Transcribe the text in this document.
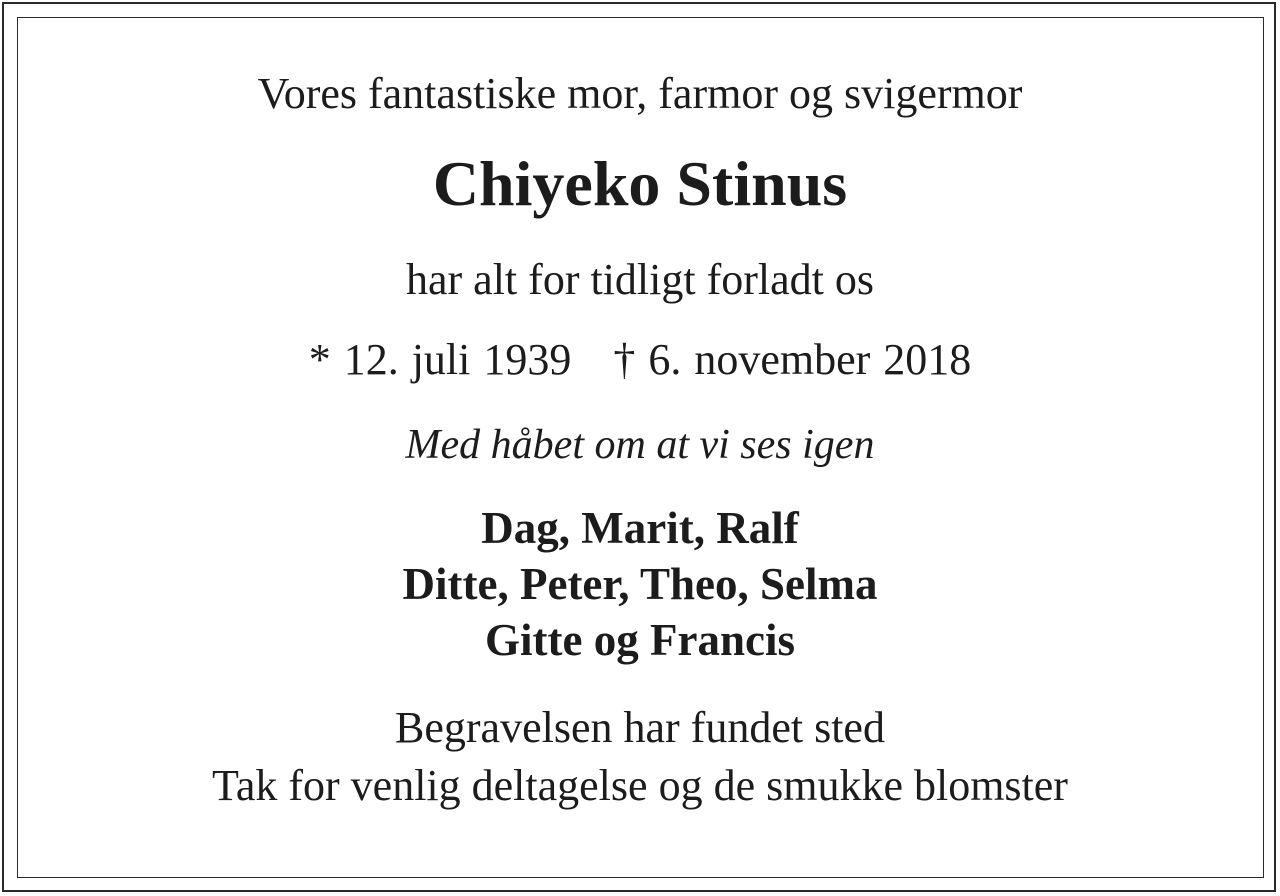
Vores fantastiske mor, farmor og svigermor
Chiyeko Stinus
har alt for tidligt forladt os
* 12. juli 1939 † 6. november 2018
Med håbet om at vi ses igen
Dag, Marit, Ralf
Ditte, Peter, Theo, Selma
Gitte og Francis
Begravelsen har fundet sted
Tak for venlig deltagelse og de smukke blomster
